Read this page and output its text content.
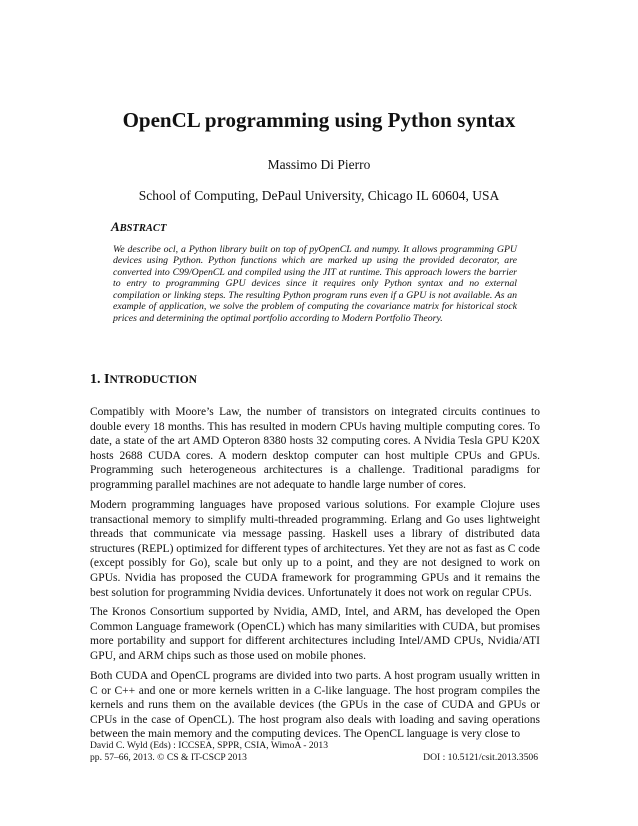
OpenCL programming using Python syntax
Massimo Di Pierro
School of Computing, DePaul University, Chicago IL 60604, USA
ABSTRACT
We describe ocl, a Python library built on top of pyOpenCL and numpy. It allows programming GPU devices using Python. Python functions which are marked up using the provided decorator, are converted into C99/OpenCL and compiled using the JIT at runtime. This approach lowers the barrier to entry to programming GPU devices since it requires only Python syntax and no external compilation or linking steps. The resulting Python program runs even if a GPU is not available. As an example of application, we solve the problem of computing the covariance matrix for historical stock prices and determining the optimal portfolio according to Modern Portfolio Theory.
1. INTRODUCTION
Compatibly with Moore’s Law, the number of transistors on integrated circuits continues to double every 18 months. This has resulted in modern CPUs having multiple computing cores. To date, a state of the art AMD Opteron 8380 hosts 32 computing cores. A Nvidia Tesla GPU K20X hosts 2688 CUDA cores. A modern desktop computer can host multiple CPUs and GPUs. Programming such heterogeneous architectures is a challenge. Traditional paradigms for programming parallel machines are not adequate to handle large number of cores.
Modern programming languages have proposed various solutions. For example Clojure uses transactional memory to simplify multi-threaded programming. Erlang and Go uses lightweight threads that communicate via message passing. Haskell uses a library of distributed data structures (REPL) optimized for different types of architectures. Yet they are not as fast as C code (except possibly for Go), scale but only up to a point, and they are not designed to work on GPUs. Nvidia has proposed the CUDA framework for programming GPUs and it remains the best solution for programming Nvidia devices. Unfortunately it does not work on regular CPUs.
The Kronos Consortium supported by Nvidia, AMD, Intel, and ARM, has developed the Open Common Language framework (OpenCL) which has many similarities with CUDA, but promises more portability and support for different architectures including Intel/AMD CPUs, Nvidia/ATI GPU, and ARM chips such as those used on mobile phones.
Both CUDA and OpenCL programs are divided into two parts. A host program usually written in C or C++ and one or more kernels written in a C-like language. The host program compiles the kernels and runs them on the available devices (the GPUs in the case of CUDA and GPUs or CPUs in the case of OpenCL). The host program also deals with loading and saving operations between the main memory and the computing devices. The OpenCL language is very close to
David C. Wyld (Eds) : ICCSEA, SPPR, CSIA, WimoA - 2013
pp. 57–66, 2013. © CS & IT-CSCP 2013	DOI : 10.5121/csit.2013.3506
